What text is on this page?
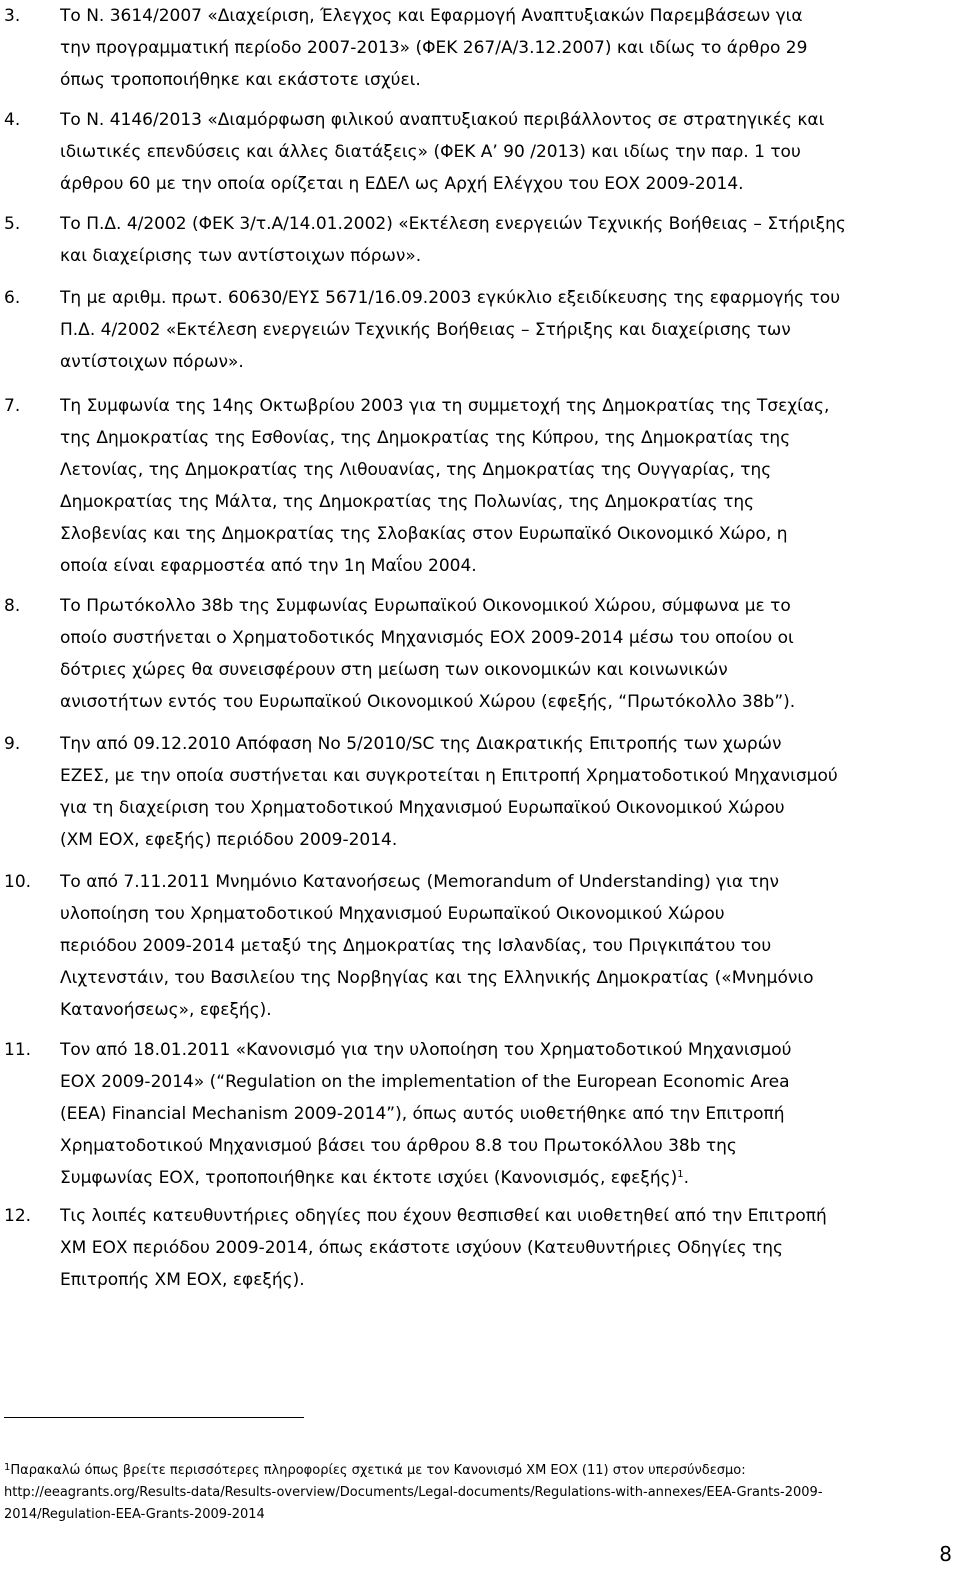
3. Το Ν. 3614/2007 «Διαχείριση, Έλεγχος και Εφαρμογή Αναπτυξιακών Παρεμβάσεων για
την προγραμματική περίοδο 2007-2013» (ΦΕΚ 267/Α/3.12.2007) και ιδίως το άρθρο 29
όπως τροποποιήθηκε και εκάστοτε ισχύει.
4. Το Ν. 4146/2013 «Διαμόρφωση φιλικού αναπτυξιακού περιβάλλοντος σε στρατηγικές και
ιδιωτικές επενδύσεις και άλλες διατάξεις» (ΦΕΚ Α’ 90 /2013) και ιδίως την παρ. 1 του
άρθρου 60 με την οποία ορίζεται η ΕΔΕΛ ως Αρχή Ελέγχου του ΕΟΧ 2009-2014.
5. Το Π.Δ. 4/2002 (ΦΕΚ 3/τ.Α/14.01.2002) «Εκτέλεση ενεργειών Τεχνικής Βοήθειας – Στήριξης
και διαχείρισης των αντίστοιχων πόρων».
6. Τη με αριθμ. πρωτ. 60630/ΕΥΣ 5671/16.09.2003 εγκύκλιο εξειδίκευσης της εφαρμογής του
Π.Δ. 4/2002 «Εκτέλεση ενεργειών Τεχνικής Βοήθειας – Στήριξης και διαχείρισης των
αντίστοιχων πόρων».
7. Τη Συμφωνία της 14ης Οκτωβρίου 2003 για τη συμμετοχή της Δημοκρατίας της Τσεχίας,
της Δημοκρατίας της Εσθονίας, της Δημοκρατίας της Κύπρου, της Δημοκρατίας της
Λετονίας, της Δημοκρατίας της Λιθουανίας, της Δημοκρατίας της Ουγγαρίας, της
Δημοκρατίας της Μάλτα, της Δημοκρατίας της Πολωνίας, της Δημοκρατίας της
Σλοβενίας και της Δημοκρατίας της Σλοβακίας στον Ευρωπαϊκό Οικονομικό Χώρο, η
οποία είναι εφαρμοστέα από την 1η Μαΐου 2004.
8. Το Πρωτόκολλο 38b της Συμφωνίας Ευρωπαϊκού Οικονομικού Χώρου, σύμφωνα με το
οποίο συστήνεται ο Χρηματοδοτικός Μηχανισμός ΕΟΧ 2009-2014 μέσω του οποίου οι
δότριες χώρες θα συνεισφέρουν στη μείωση των οικονομικών και κοινωνικών
ανισοτήτων εντός του Ευρωπαϊκού Οικονομικού Χώρου (εφεξής, “Πρωτόκολλο 38b”).
9. Την από 09.12.2010 Απόφαση Νο 5/2010/SC της Διακρατικής Επιτροπής των χωρών
ΕΖΕΣ, με την οποία συστήνεται και συγκροτείται η Επιτροπή Χρηματοδοτικού Μηχανισμού
για τη διαχείριση του Χρηματοδοτικού Μηχανισμού Ευρωπαϊκού Οικονομικού Χώρου
(ΧΜ ΕΟΧ, εφεξής) περιόδου 2009-2014.
10. Το από 7.11.2011 Μνημόνιο Κατανοήσεως (Memorandum of Understanding) για την
υλοποίηση του Χρηματοδοτικού Μηχανισμού Ευρωπαϊκού Οικονομικού Χώρου
περιόδου 2009-2014 μεταξύ της Δημοκρατίας της Ισλανδίας, του Πριγκιπάτου του
Λιχτενστάιν, του Βασιλείου της Νορβηγίας και της Ελληνικής Δημοκρατίας («Μνημόνιο
Κατανοήσεως», εφεξής).
11. Τον από 18.01.2011 «Κανονισμό για την υλοποίηση του Χρηματοδοτικού Μηχανισμού
ΕΟΧ 2009-2014» (“Regulation on the implementation of the European Economic Area
(EEA) Financial Mechanism 2009-2014”), όπως αυτός υιοθετήθηκε από την Επιτροπή
Χρηματοδοτικού Μηχανισμού βάσει του άρθρου 8.8 του Πρωτοκόλλου 38b της
Συμφωνίας ΕΟΧ, τροποποιήθηκε και έκτοτε ισχύει (Κανονισμός, εφεξής)$^1$.
12. Τις λοιπές κατευθυντήριες οδηγίες που έχουν θεσπισθεί και υιοθετηθεί από την Επιτροπή
ΧΜ ΕΟΧ περιόδου 2009-2014, όπως εκάστοτε ισχύουν (Κατευθυντήριες Οδηγίες της
Επιτροπής ΧΜ ΕΟΧ, εφεξής).
$^1$Παρακαλώ όπως βρείτε περισσότερες πληροφορίες σχετικά με τον Κανονισμό ΧΜ ΕΟΧ (11) στον υπερσύνδεσμο:
http://eeagrants.org/Results-data/Results-overview/Documents/Legal-documents/Regulations-with-annexes/EEA-Grants-2009-
2014/Regulation-EEA-Grants-2009-2014
8
